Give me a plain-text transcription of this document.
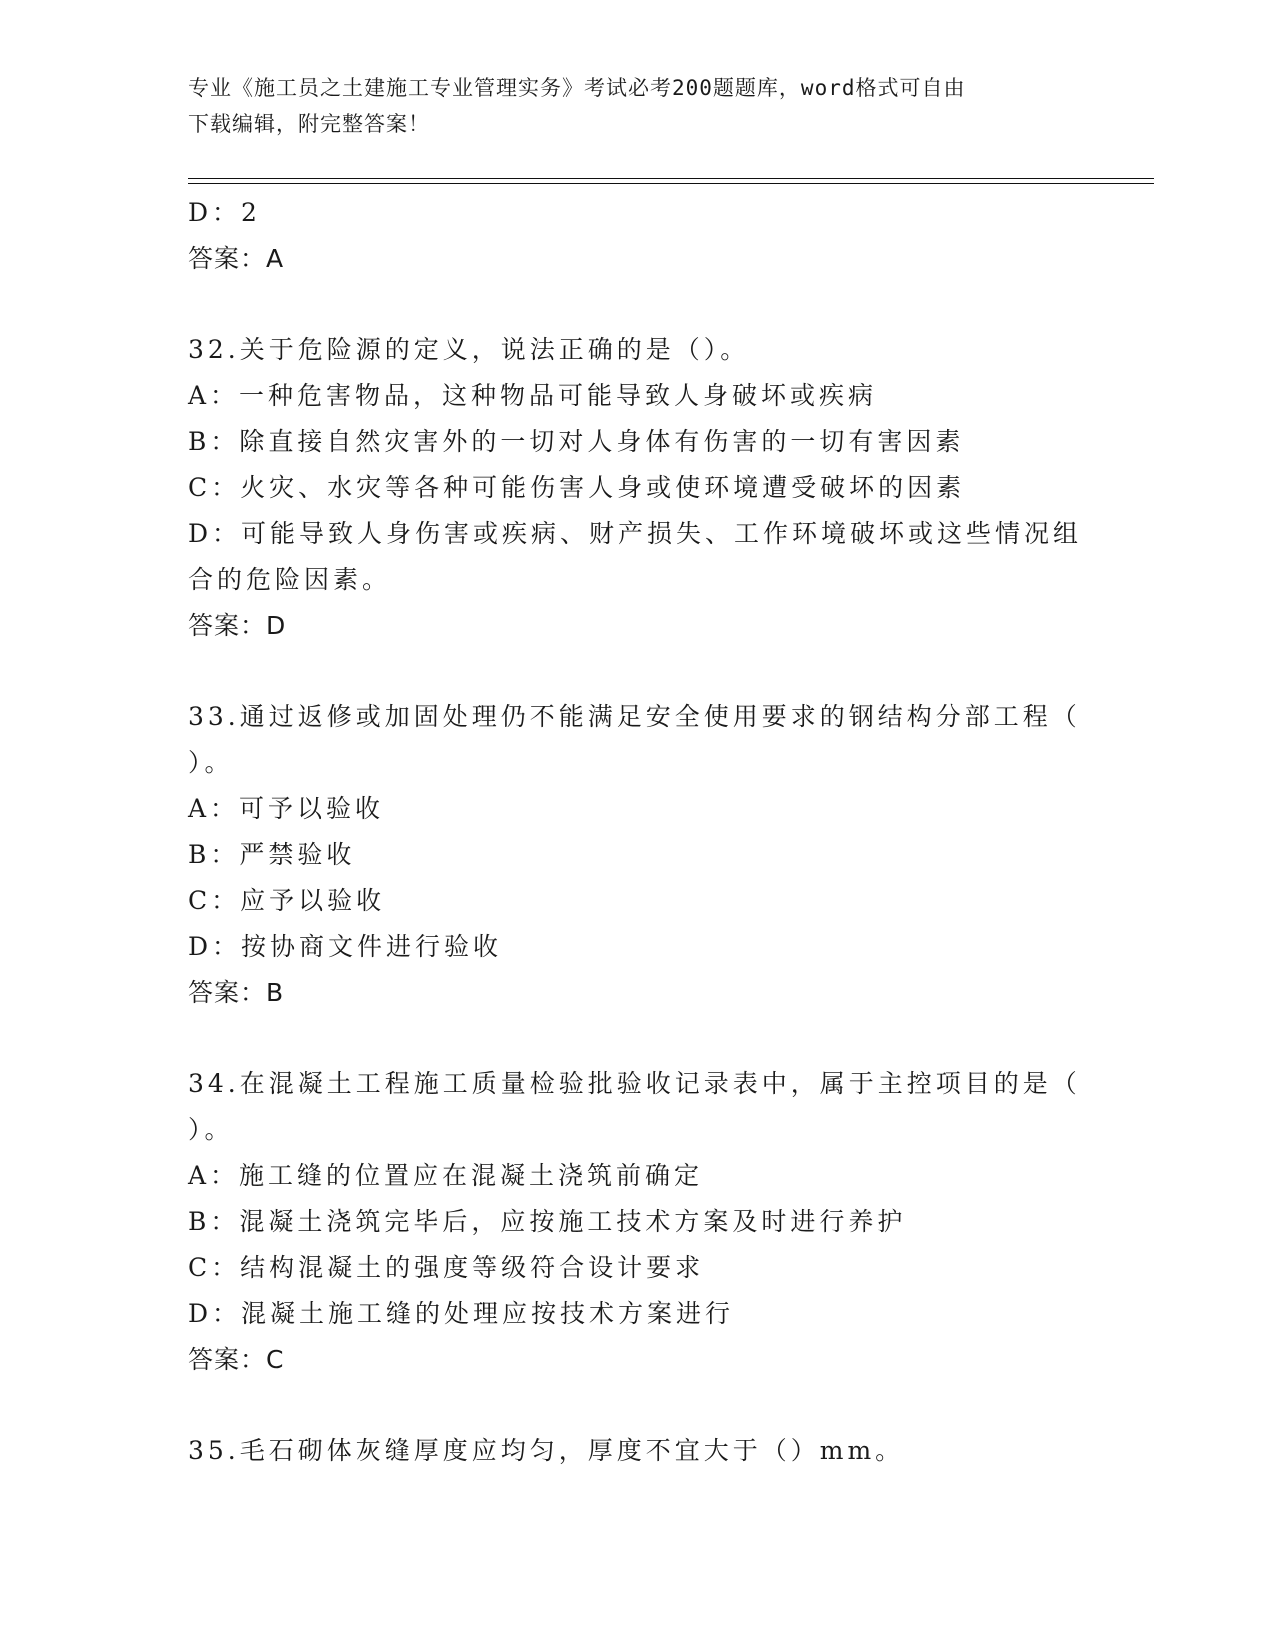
专业《施工员之土建施工专业管理实务》考试必考200题题库，word格式可自由
下载编辑，附完整答案！
D：2
答案：A
32.关于危险源的定义，说法正确的是（）。
A：一种危害物品，这种物品可能导致人身破坏或疾病
B：除直接自然灾害外的一切对人身体有伤害的一切有害因素
C：火灾、水灾等各种可能伤害人身或使环境遭受破坏的因素
D：可能导致人身伤害或疾病、财产损失、工作环境破坏或这些情况组
合的危险因素。
答案：D
33.通过返修或加固处理仍不能满足安全使用要求的钢结构分部工程（
）。
A：可予以验收
B：严禁验收
C：应予以验收
D：按协商文件进行验收
答案：B
34.在混凝土工程施工质量检验批验收记录表中，属于主控项目的是（
）。
A：施工缝的位置应在混凝土浇筑前确定
B：混凝土浇筑完毕后，应按施工技术方案及时进行养护
C：结构混凝土的强度等级符合设计要求
D：混凝土施工缝的处理应按技术方案进行
答案：C
35.毛石砌体灰缝厚度应均匀，厚度不宜大于（）mm。
